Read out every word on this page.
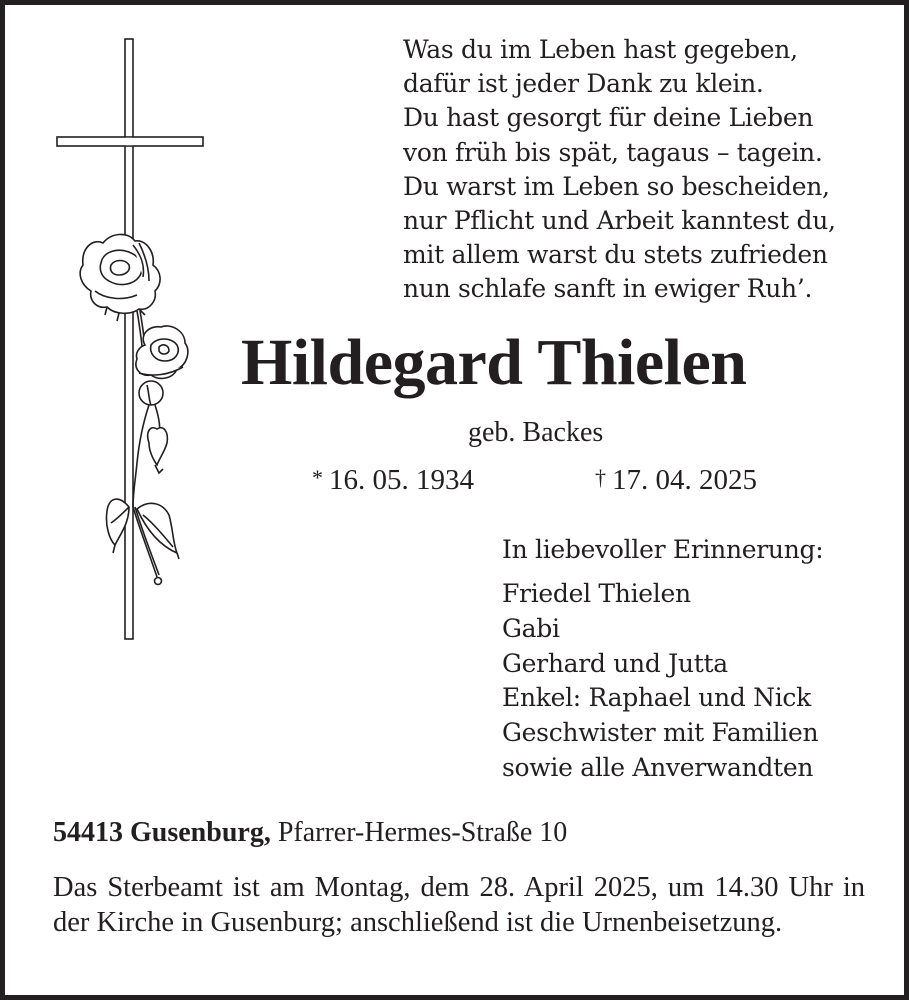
Was du im Leben hast gegeben,
dafür ist jeder Dank zu klein.
Du hast gesorgt für deine Lieben
von früh bis spät, tagaus – tagein.
Du warst im Leben so bescheiden,
nur Pflicht und Arbeit kanntest du,
mit allem warst du stets zufrieden
nun schlafe sanft in ewiger Ruh’.
Hildegard Thielen
geb. Backes
* 16. 05. 1934	† 17. 04. 2025
In liebevoller Erinnerung:
Friedel Thielen
Gabi
Gerhard und Jutta
Enkel: Raphael und Nick
Geschwister mit Familien
sowie alle Anverwandten
54413 Gusenburg, Pfarrer-Hermes-Straße 10
Das Sterbeamt ist am Montag, dem 28. April 2025, um 14.30 Uhr in der Kirche in Gusenburg; anschließend ist die Urnenbeisetzung.
